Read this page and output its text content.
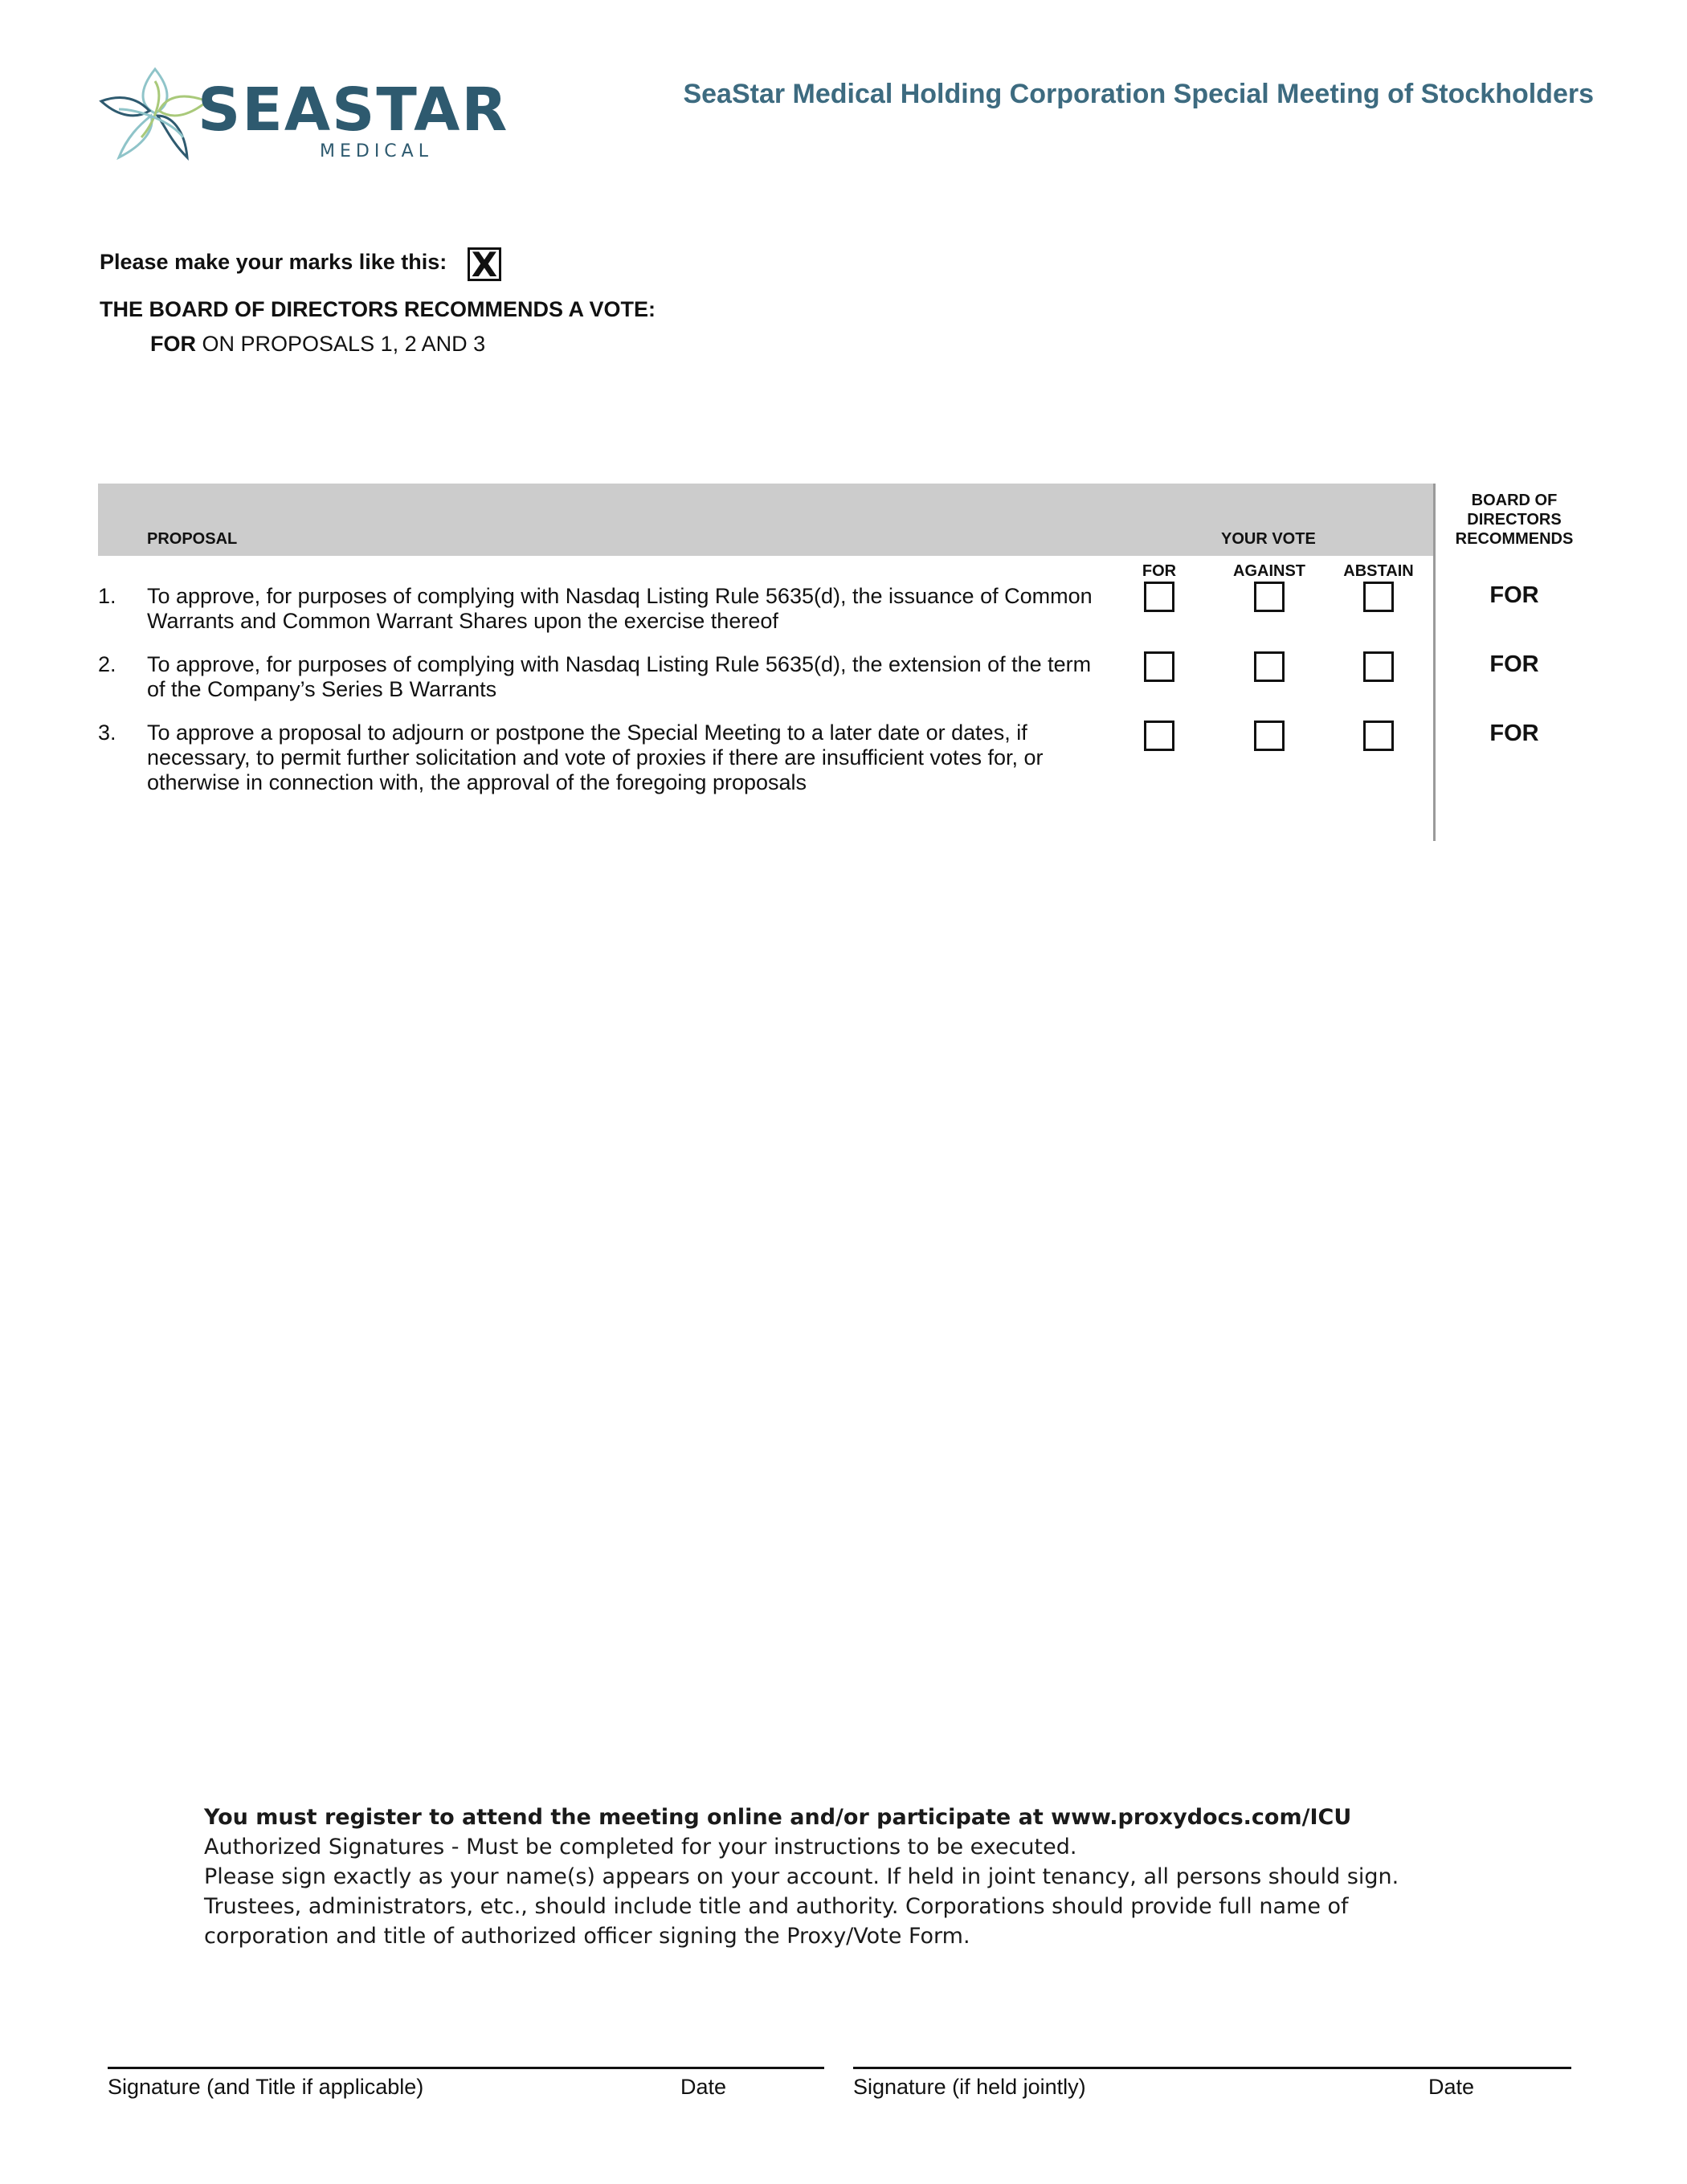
SEASTAR
MEDICAL
SeaStar Medical Holding Corporation Special Meeting of Stockholders
Please make your marks like this: X
THE BOARD OF DIRECTORS RECOMMENDS A VOTE:
FOR ON PROPOSALS 1, 2 AND 3
PROPOSAL	YOUR VOTE
BOARD OF
DIRECTORS
RECOMMENDS
FOR	AGAINST	ABSTAIN
1. To approve, for purposes of complying with Nasdaq Listing Rule 5635(d), the issuance of Common Warrants and Common Warrant Shares upon the exercise thereof
FOR
2. To approve, for purposes of complying with Nasdaq Listing Rule 5635(d), the extension of the term of the Company’s Series B Warrants
FOR
3. To approve a proposal to adjourn or postpone the Special Meeting to a later date or dates, if necessary, to permit further solicitation and vote of proxies if there are insufficient votes for, or otherwise in connection with, the approval of the foregoing proposals
FOR
You must register to attend the meeting online and/or participate at www.proxydocs.com/ICU
Authorized Signatures - Must be completed for your instructions to be executed.
Please sign exactly as your name(s) appears on your account. If held in joint tenancy, all persons should sign. Trustees, administrators, etc., should include title and authority. Corporations should provide full name of corporation and title of authorized officer signing the Proxy/Vote Form.
Signature (and Title if applicable)	Date	Signature (if held jointly)	Date
